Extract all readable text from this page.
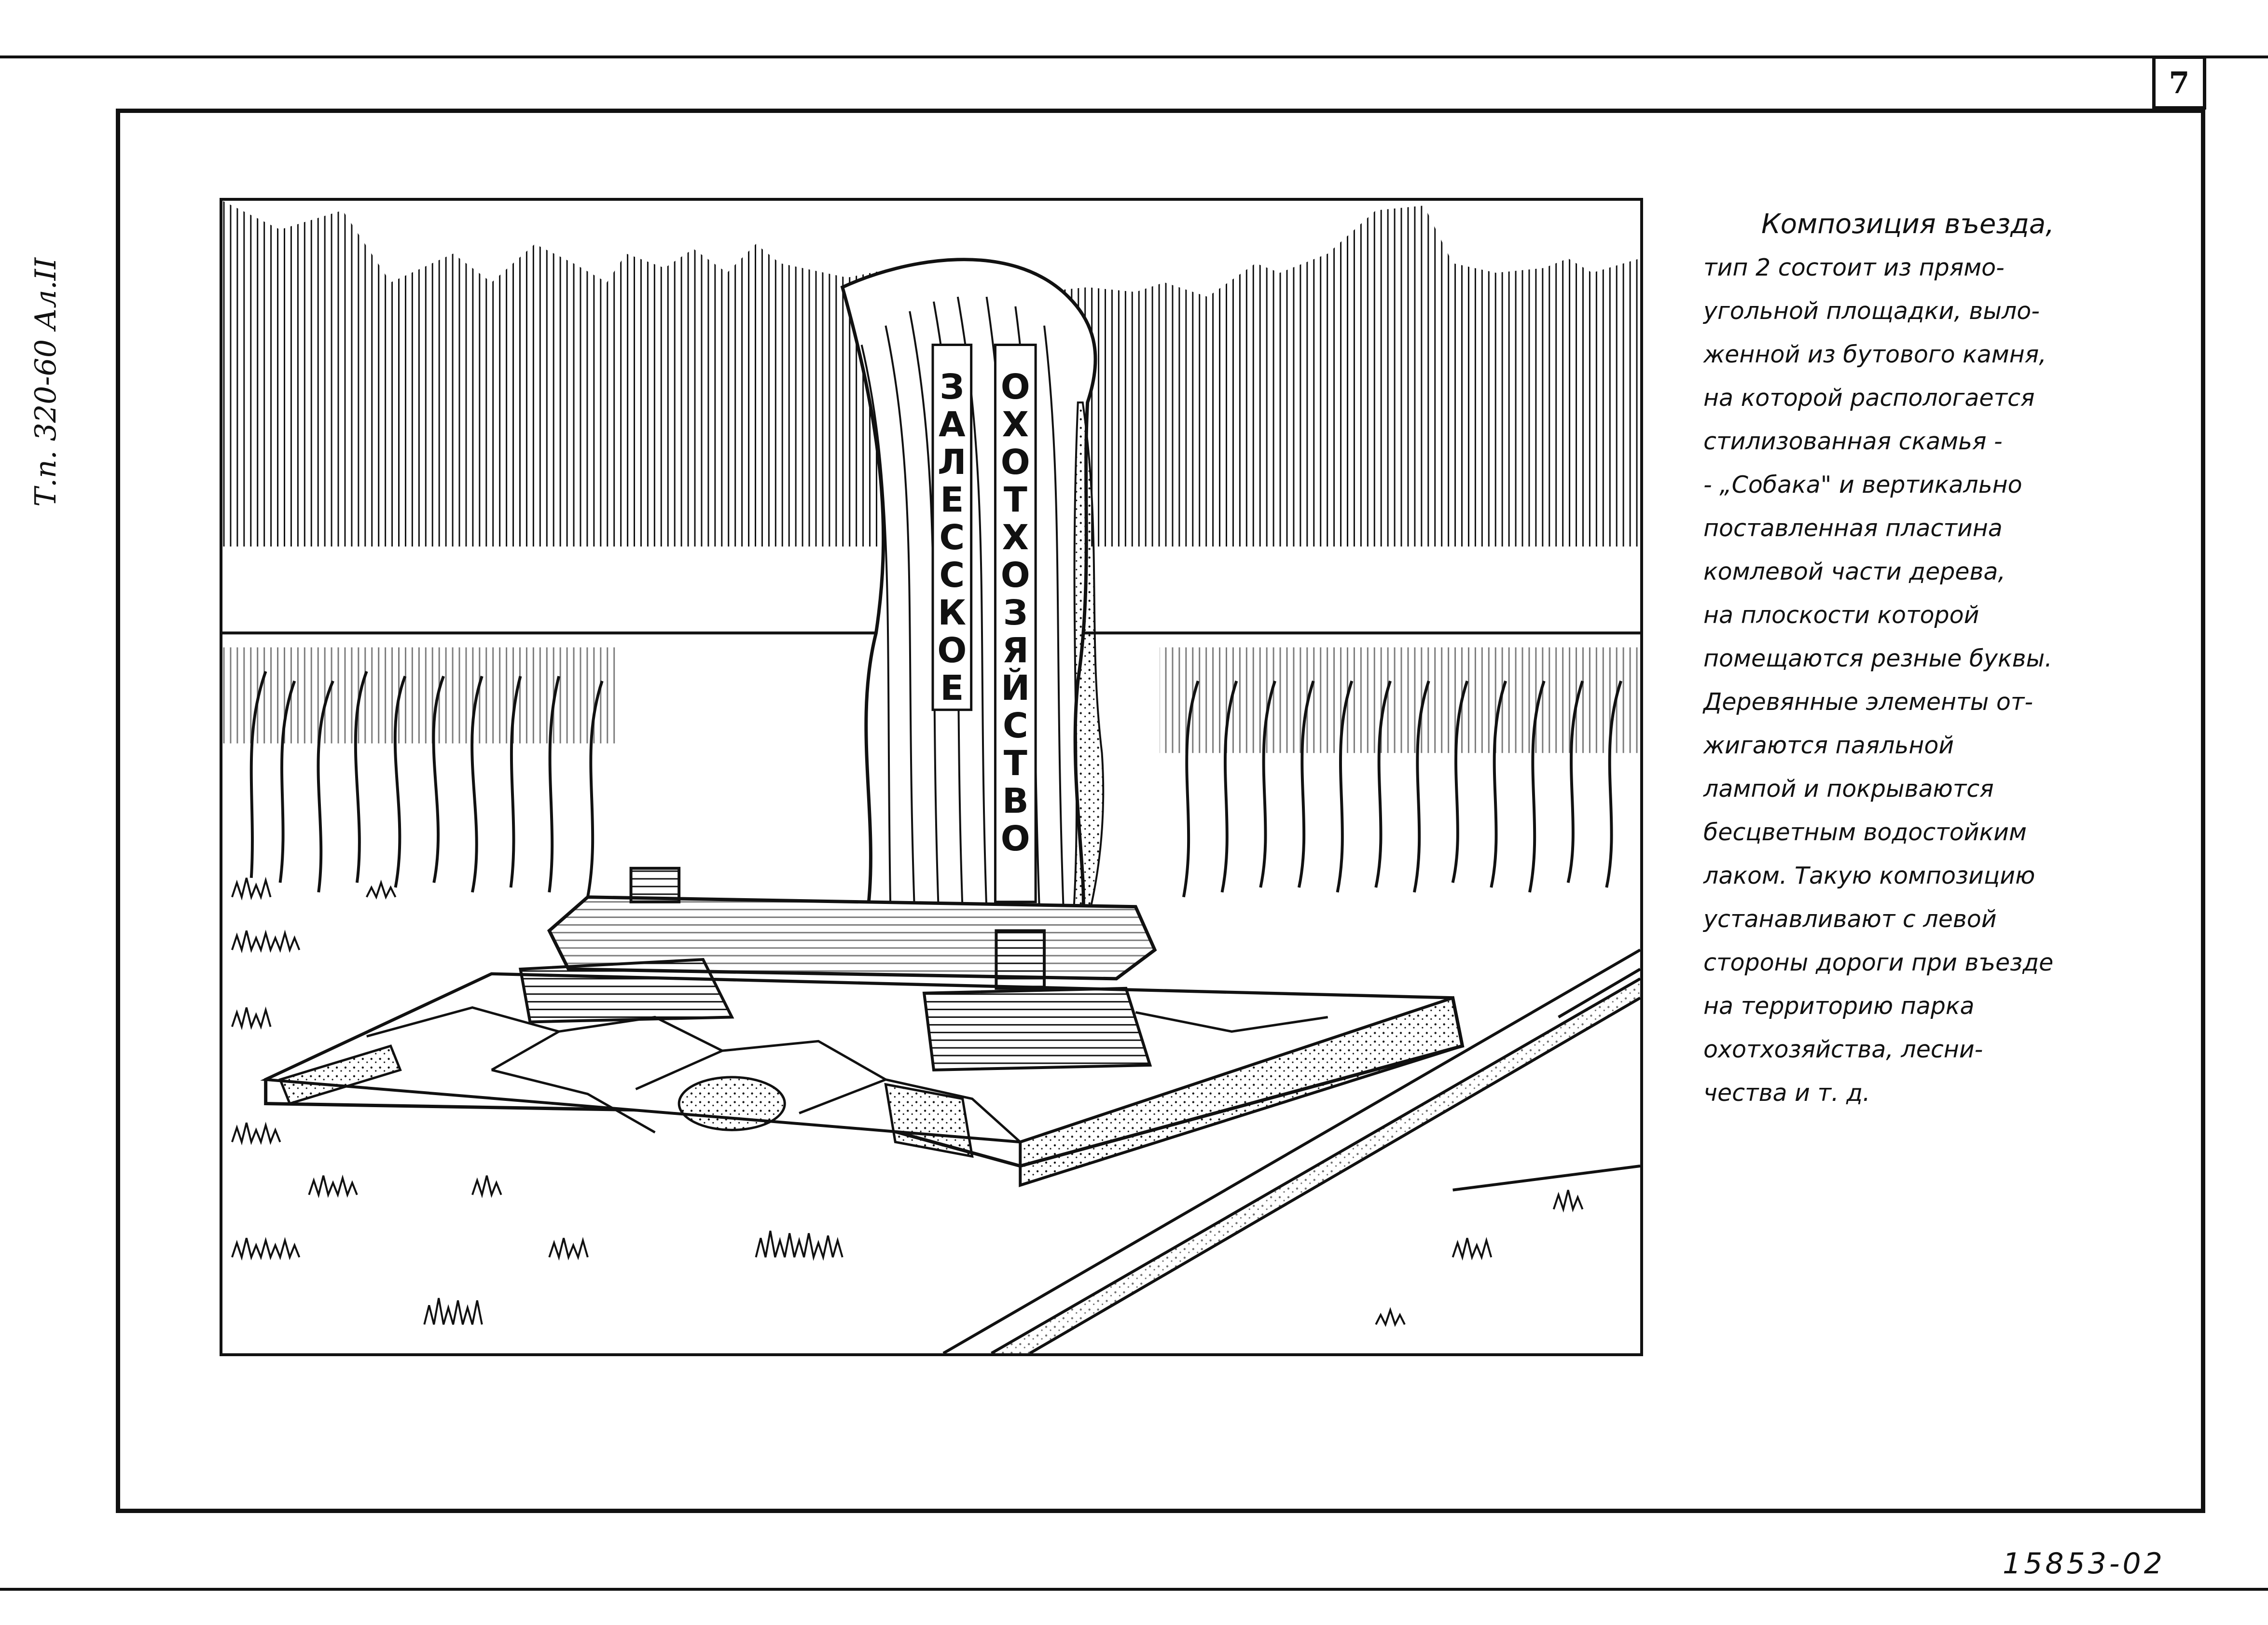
7
Т.п. 320-60 Ал.II	ЗАЛЕССКОЕ ОХОТХОЗЯЙСТВО
Композиция въезда,
тип 2 состоит из прямо-
угольной площадки, выло-
женной из бутового камня,
на которой распологается
стилизованная скамья -
- „Собака" и вертикально
поставленная пластина
комлевой части дерева,
на плоскости которой
помещаются резные буквы.
Деревянные элементы от-
жигаются паяльной
лампой и покрываются
бесцветным водостойким
лаком. Такую композицию
устанавливают с левой
стороны дороги при въезде
на территорию парка
охотхозяйства, лесни-
чества и т. д.
15853-02
